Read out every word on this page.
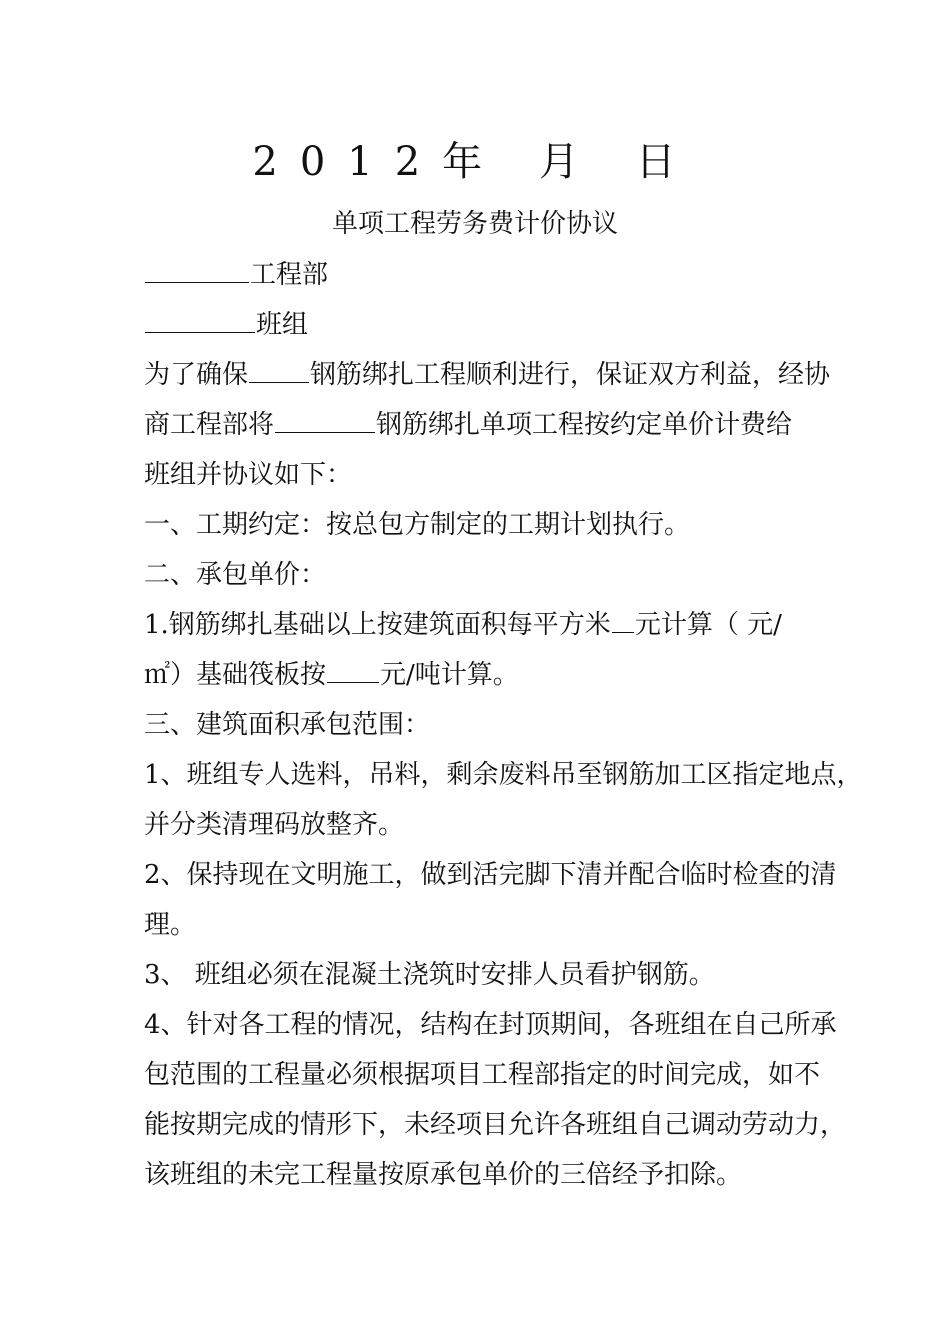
2012年 月 日
单项工程劳务费计价协议
工程部
班组
为了确保 钢筋绑扎工程顺利进行，保证双方利益，经协
商工程部将	钢筋绑扎单项工程按约定单价计费给
班组并协议如下：
一、工期约定：按总包方制定的工期计划执行。
二、承包单价：
1.钢筋绑扎基础以上按建筑面积每平方米 元计算（ 元/
㎡）基础筏板按 元/吨计算。
三、建筑面积承包范围：
1、班组专人选料，吊料，剩余废料吊至钢筋加工区指定地点，
并分类清理码放整齐。
2、保持现在文明施工，做到活完脚下清并配合临时检查的清
理。
3、 班组必须在混凝土浇筑时安排人员看护钢筋。
4、针对各工程的情况，结构在封顶期间，各班组在自己所承
包范围的工程量必须根据项目工程部指定的时间完成，如不
能按期完成的情形下，未经项目允许各班组自己调动劳动力，
该班组的未完工程量按原承包单价的三倍经予扣除。
